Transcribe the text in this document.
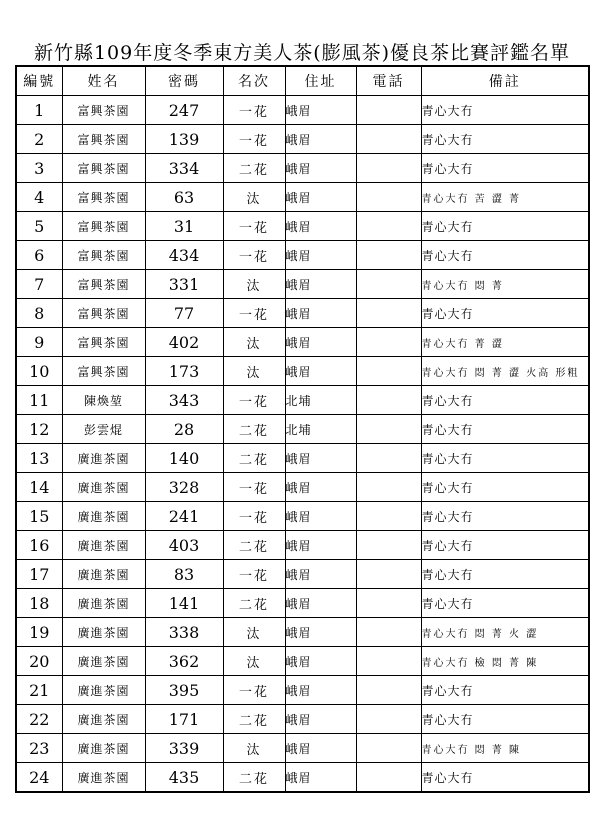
新竹縣109年度冬季東方美人茶(膨風茶)優良茶比賽評鑑名單
編號	姓名	密碼	名次	住址	電話	備註
1	富興茶園	247	一花	峨眉		青心大冇
2	富興茶園	139	一花	峨眉		青心大冇
3	富興茶園	334	二花	峨眉		青心大冇
4	富興茶園	63	汰	峨眉		青心大冇 苦 澀 菁
5	富興茶園	31	一花	峨眉		青心大冇
6	富興茶園	434	一花	峨眉		青心大冇
7	富興茶園	331	汰	峨眉		青心大冇 悶 菁
8	富興茶園	77	一花	峨眉		青心大冇
9	富興茶園	402	汰	峨眉		青心大冇 菁 澀
10	富興茶園	173	汰	峨眉		青心大冇 悶 菁 澀 火高 形粗
11	陳煥堃	343	一花	北埔		青心大冇
12	彭雲焜	28	二花	北埔		青心大冇
13	廣進茶園	140	二花	峨眉		青心大冇
14	廣進茶園	328	一花	峨眉		青心大冇
15	廣進茶園	241	一花	峨眉		青心大冇
16	廣進茶園	403	二花	峨眉		青心大冇
17	廣進茶園	83	一花	峨眉		青心大冇
18	廣進茶園	141	二花	峨眉		青心大冇
19	廣進茶園	338	汰	峨眉		青心大冇 悶 菁 火 澀
20	廣進茶園	362	汰	峨眉		青心大冇 檢 悶 菁 陳
21	廣進茶園	395	一花	峨眉		青心大冇
22	廣進茶園	171	二花	峨眉		青心大冇
23	廣進茶園	339	汰	峨眉		青心大冇 悶 菁 陳
24	廣進茶園	435	二花	峨眉		青心大冇
